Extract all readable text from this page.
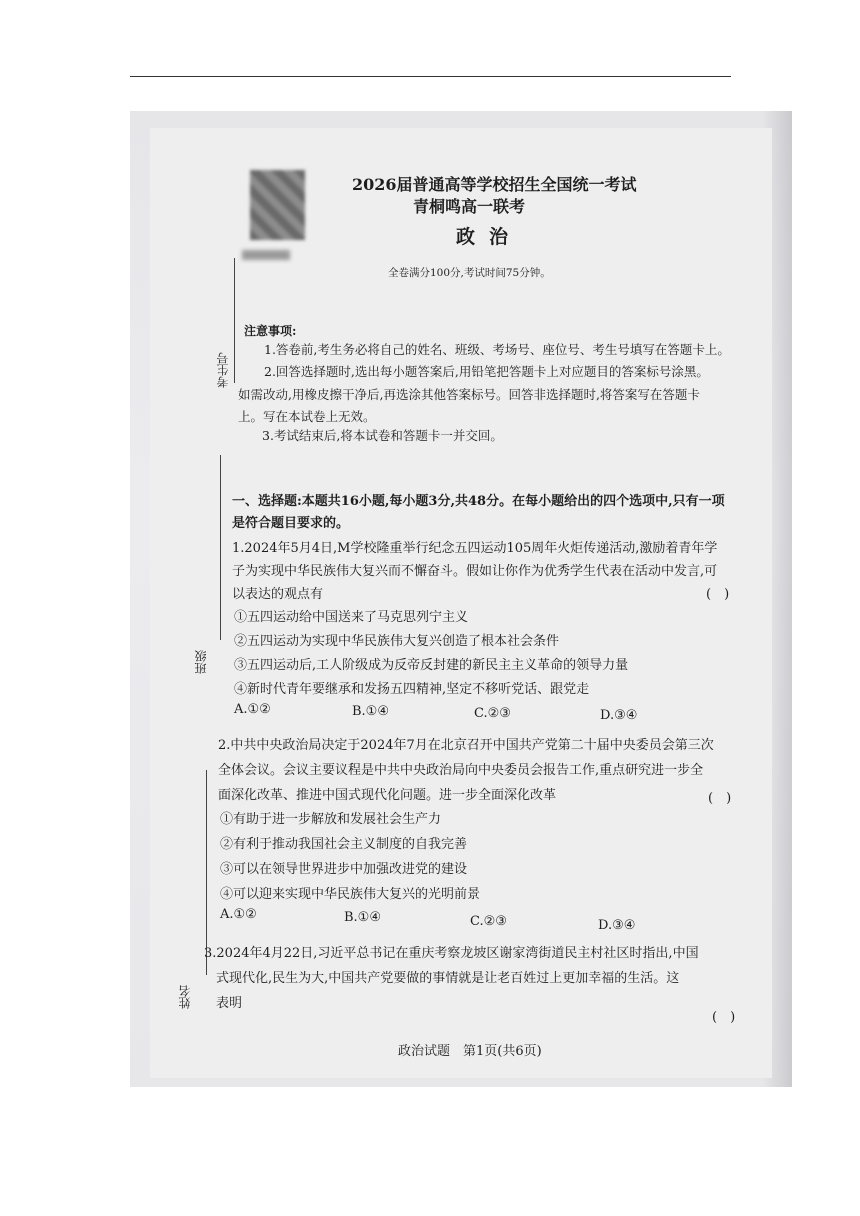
考生号
班级
姓名
2026届普通高等学校招生全国统一考试
青桐鸣高一联考
政治
全卷满分100分,考试时间75分钟。
注意事项:
1.答卷前,考生务必将自己的姓名、班级、考场号、座位号、考生号填写在答题卡上。
2.回答选择题时,选出每小题答案后,用铅笔把答题卡上对应题目的答案标号涂黑。
如需改动,用橡皮擦干净后,再选涂其他答案标号。回答非选择题时,将答案写在答题卡
上。写在本试卷上无效。
3.考试结束后,将本试卷和答题卡一并交回。
一、选择题:本题共16小题,每小题3分,共48分。在每小题给出的四个选项中,只有一项
是符合题目要求的。
1.2024年5月4日,M学校隆重举行纪念五四运动105周年火炬传递活动,激励着青年学
子为实现中华民族伟大复兴而不懈奋斗。假如让你作为优秀学生代表在活动中发言,可
以表达的观点有	(　)
①五四运动给中国送来了马克思列宁主义
②五四运动为实现中华民族伟大复兴创造了根本社会条件
③五四运动后,工人阶级成为反帝反封建的新民主主义革命的领导力量
④新时代青年要继承和发扬五四精神,坚定不移听党话、跟党走
A.①②	B.①④	C.②③	D.③④
2.中共中央政治局决定于2024年7月在北京召开中国共产党第二十届中央委员会第三次
全体会议。会议主要议程是中共中央政治局向中央委员会报告工作,重点研究进一步全
面深化改革、推进中国式现代化问题。进一步全面深化改革	(　)
①有助于进一步解放和发展社会生产力
②有利于推动我国社会主义制度的自我完善
③可以在领导世界进步中加强改进党的建设
④可以迎来实现中华民族伟大复兴的光明前景
A.①②	B.①④	C.②③	D.③④
3.2024年4月22日,习近平总书记在重庆考察龙坡区谢家湾街道民主村社区时指出,中国
式现代化,民生为大,中国共产党要做的事情就是让老百姓过上更加幸福的生活。这
表明
(　)
政治试题　第1页(共6页)
